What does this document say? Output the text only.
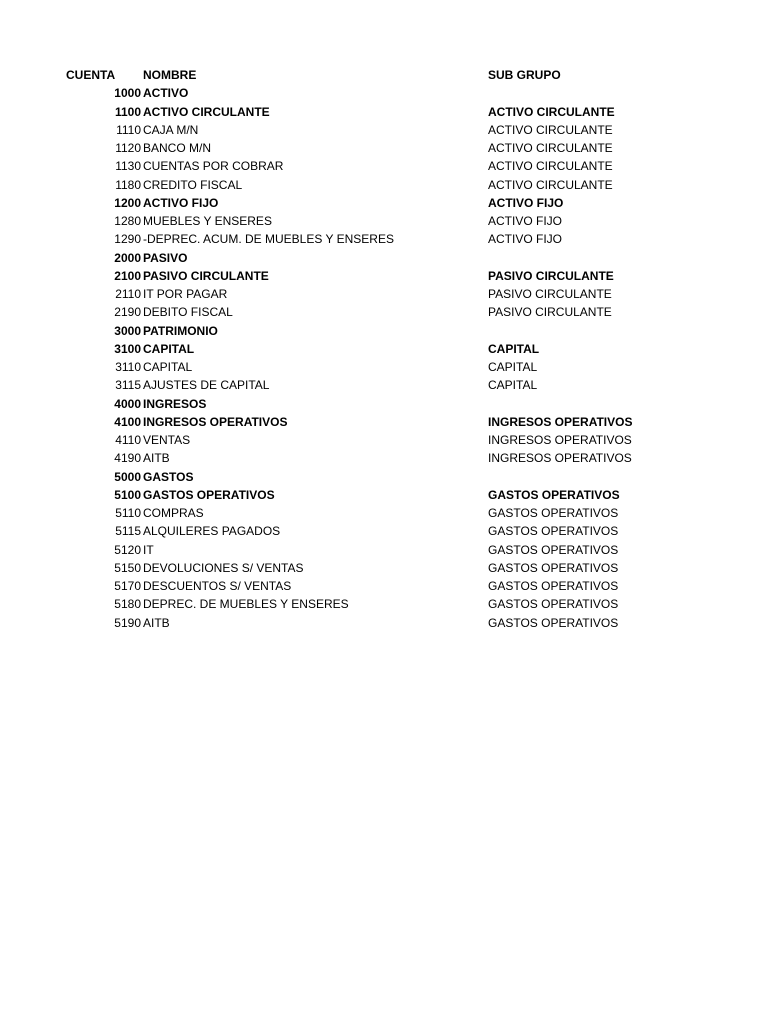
CUENTA NOMBRE	SUB GRUPO
1000 ACTIVO
1100 ACTIVO CIRCULANTE	ACTIVO CIRCULANTE
1110 CAJA M/N	ACTIVO CIRCULANTE
1120 BANCO M/N	ACTIVO CIRCULANTE
1130 CUENTAS POR COBRAR	ACTIVO CIRCULANTE
1180 CREDITO FISCAL	ACTIVO CIRCULANTE
1200 ACTIVO FIJO	ACTIVO FIJO
1280 MUEBLES Y ENSERES	ACTIVO FIJO
1290 -DEPREC. ACUM. DE MUEBLES Y ENSERES	ACTIVO FIJO
2000 PASIVO
2100 PASIVO CIRCULANTE	PASIVO CIRCULANTE
2110 IT POR PAGAR	PASIVO CIRCULANTE
2190 DEBITO FISCAL	PASIVO CIRCULANTE
3000 PATRIMONIO
3100 CAPITAL	CAPITAL
3110 CAPITAL	CAPITAL
3115 AJUSTES DE CAPITAL	CAPITAL
4000 INGRESOS
4100 INGRESOS OPERATIVOS	INGRESOS OPERATIVOS
4110 VENTAS	INGRESOS OPERATIVOS
4190 AITB	INGRESOS OPERATIVOS
5000 GASTOS
5100 GASTOS OPERATIVOS	GASTOS OPERATIVOS
5110 COMPRAS	GASTOS OPERATIVOS
5115 ALQUILERES PAGADOS	GASTOS OPERATIVOS
5120 IT	GASTOS OPERATIVOS
5150 DEVOLUCIONES S/ VENTAS	GASTOS OPERATIVOS
5170 DESCUENTOS S/ VENTAS	GASTOS OPERATIVOS
5180 DEPREC. DE MUEBLES Y ENSERES	GASTOS OPERATIVOS
5190 AITB	GASTOS OPERATIVOS
